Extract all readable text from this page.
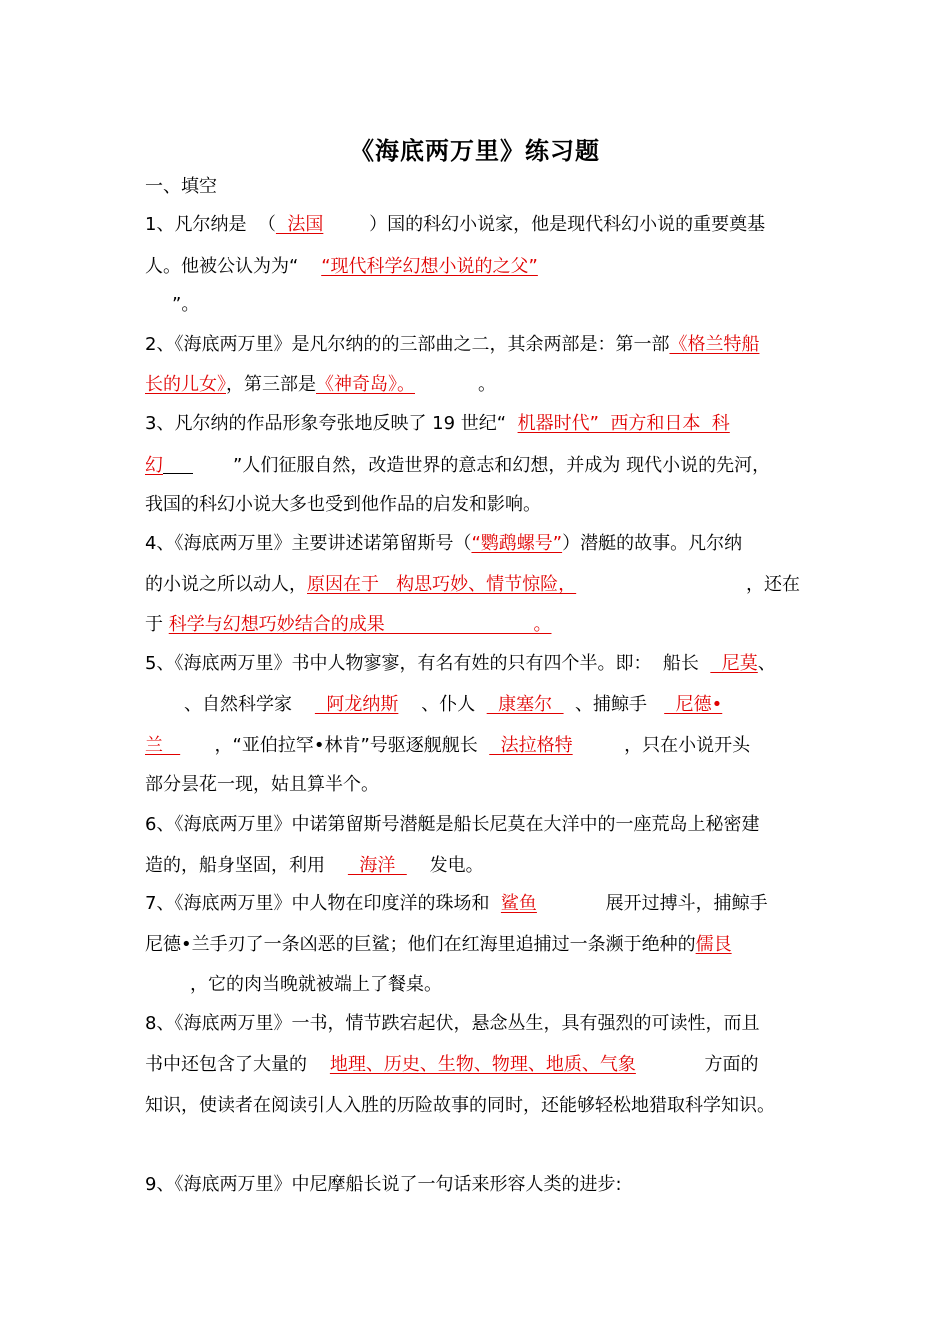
《海底两万里》练习题
一、填空
1、凡尔纳是  （  法国        ）国的科幻小说家，他是现代科幻小说的重要奠基
人。他被公认为为“    “现代科学幻想小说的之父”
”。
2、《海底两万里》是凡尔纳的的三部曲之二，其余两部是：第一部《格兰特船
长的儿女》，第三部是《神奇岛》。           。
3、凡尔纳的作品形象夸张地反映了 19 世纪“  机器时代”  西方和日本  科
幻       ”人们征服自然，改造世界的意志和幻想，并成为 现代小说的先河，
我国的科幻小说大多也受到他作品的启发和影响。
4、《海底两万里》主要讲述诺第留斯号（“鹦鹉螺号”）潜艇的故事。凡尔纳
的小说之所以动人，原因在于   构思巧妙、情节惊险，	，还在
于 科学与幻想巧妙结合的成果                          。
5、《海底两万里》书中人物寥寥，有名有姓的只有四个半。即：  船长    尼莫、
、自然科学家      阿龙纳斯    、仆人    康塞尔    、捕鲸手     尼德•
兰         ，“亚伯拉罕•林肯”号驱逐舰舰长    法拉格特         ，只在小说开头
部分昙花一现，姑且算半个。
6、《海底两万里》中诺第留斯号潜艇是船长尼莫在大洋中的一座荒岛上秘密建
造的，船身坚固，利用      海洋      发电。
7、《海底两万里》中人物在印度洋的珠场和  鲨鱼            展开过搏斗，捕鲸手
尼德•兰手刃了一条凶恶的巨鲨；他们在红海里追捕过一条濒于绝种的儒艮
，它的肉当晚就被端上了餐桌。
8、《海底两万里》一书，情节跌宕起伏，悬念丛生，具有强烈的可读性，而且
书中还包含了大量的    地理、历史、生物、物理、地质、气象            方面的
知识，使读者在阅读引人入胜的历险故事的同时，还能够轻松地猎取科学知识。
9、《海底两万里》中尼摩船长说了一句话来形容人类的进步:
